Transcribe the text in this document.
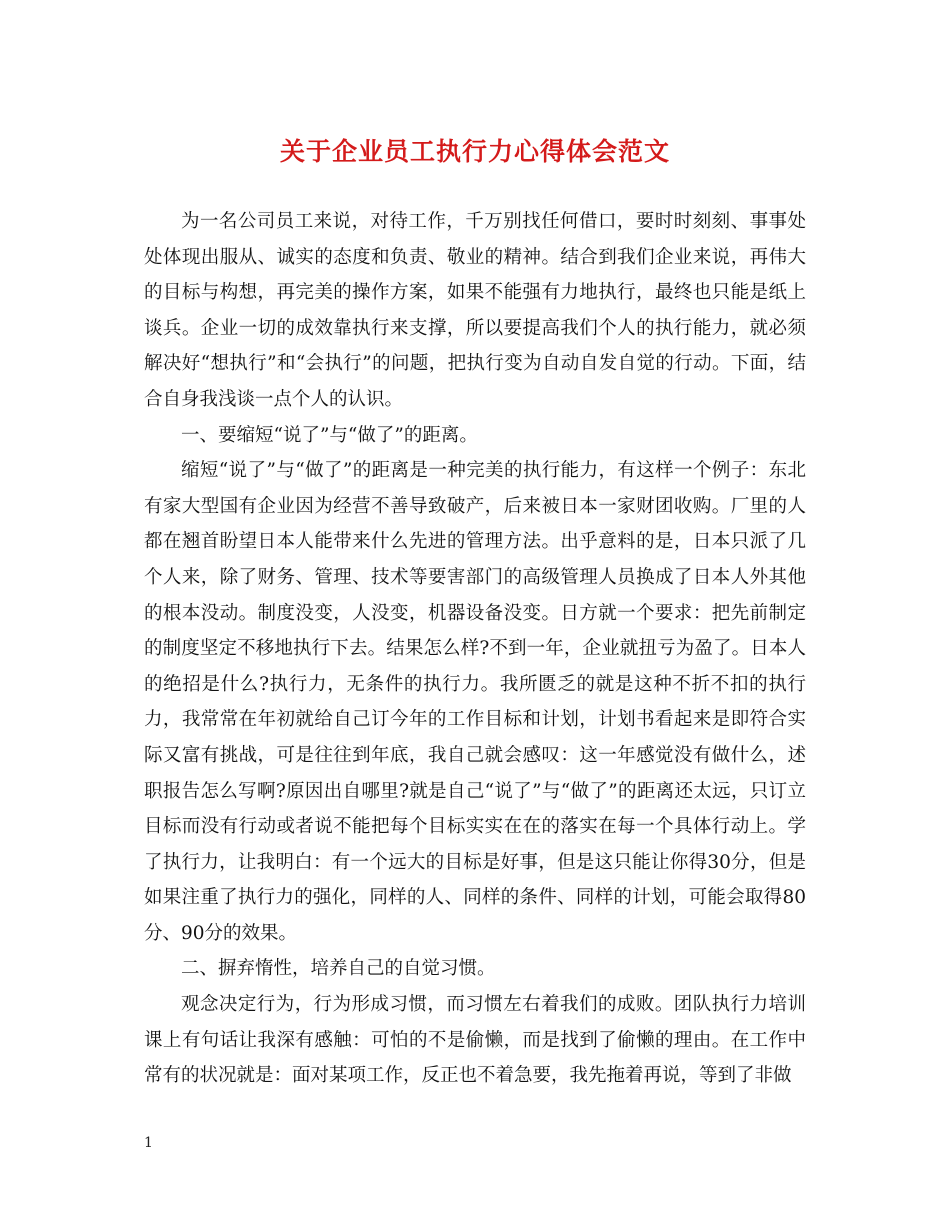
关于企业员工执行力心得体会范文

为一名公司员工来说，对待工作，千万别找任何借口，要时时刻刻、事事处处体现出服从、诚实的态度和负责、敬业的精神。结合到我们企业来说，再伟大的目标与构想，再完美的操作方案，如果不能强有力地执行，最终也只能是纸上谈兵。企业一切的成效靠执行来支撑，所以要提高我们个人的执行能力，就必须解决好“想执行”和“会执行”的问题，把执行变为自动自发自觉的行动。下面，结合自身我浅谈一点个人的认识。

一、要缩短“说了”与“做了”的距离。

缩短“说了”与“做了”的距离是一种完美的执行能力，有这样一个例子：东北有家大型国有企业因为经营不善导致破产，后来被日本一家财团收购。厂里的人都在翘首盼望日本人能带来什么先进的管理方法。出乎意料的是，日本只派了几个人来，除了财务、管理、技术等要害部门的高级管理人员换成了日本人外其他的根本没动。制度没变，人没变，机器设备没变。日方就一个要求：把先前制定的制度坚定不移地执行下去。结果怎么样?不到一年，企业就扭亏为盈了。日本人的绝招是什么?执行力，无条件的执行力。我所匮乏的就是这种不折不扣的执行力，我常常在年初就给自己订今年的工作目标和计划，计划书看起来是即符合实际又富有挑战，可是往往到年底，我自己就会感叹：这一年感觉没有做什么，述职报告怎么写啊?原因出自哪里?就是自己“说了”与“做了”的距离还太远，只订立目标而没有行动或者说不能把每个目标实实在在的落实在每一个具体行动上。学了执行力，让我明白：有一个远大的目标是好事，但是这只能让你得30分，但是如果注重了执行力的强化，同样的人、同样的条件、同样的计划，可能会取得80分、90分的效果。

二、摒弃惰性，培养自己的自觉习惯。

观念决定行为，行为形成习惯，而习惯左右着我们的成败。团队执行力培训课上有句话让我深有感触：可怕的不是偷懒，而是找到了偷懒的理由。在工作中常有的状况就是：面对某项工作，反正也不着急要，我先拖着再说，等到了非做

1
